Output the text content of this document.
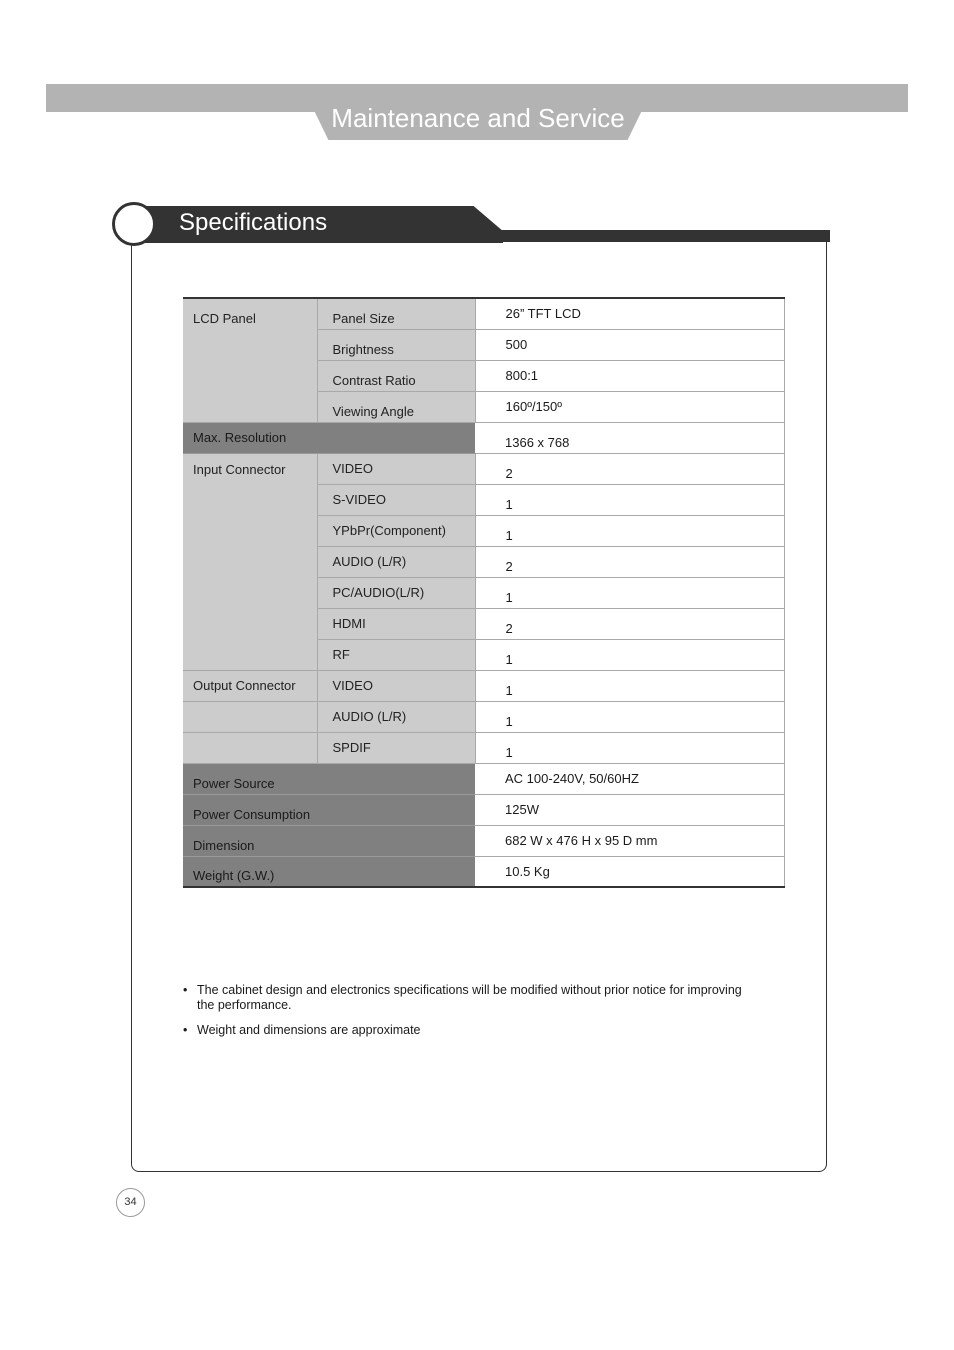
Maintenance and Service
Specifications
LCD Panel	Panel Size	26” TFT LCD
	Brightness	500
	Contrast Ratio	800:1
	Viewing Angle	160º/150º
Max. Resolution		1366 x 768
Input Connector	VIDEO	2
	S-VIDEO	1
	YPbPr(Component)	1
	AUDIO (L/R)	2
	PC/AUDIO(L/R)	1
	HDMI	2
	RF	1
Output Connector	VIDEO	1
	AUDIO (L/R)	1
	SPDIF	1
Power Source		AC 100-240V, 50/60HZ
Power Consumption		125W
Dimension		682 W x 476 H x 95 D mm
Weight (G.W.)		10.5 Kg
• The cabinet design and electronics specifications will be modified without prior notice for improving the performance.
• Weight and dimensions are approximate
34
